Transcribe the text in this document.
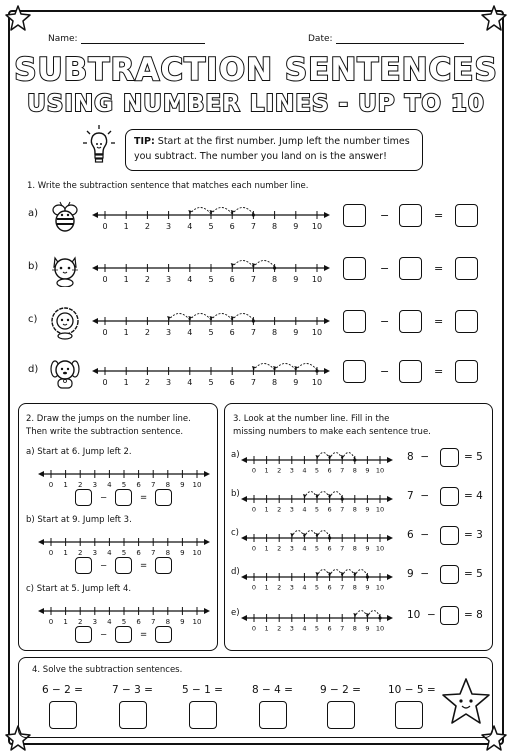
Name:	Date:
SUBTRACTION SENTENCES
USING NUMBER LINES - UP TO 10
TIP: Start at the first number. Jump left the number times you subtract. The number you land on is the answer!
1. Write the subtraction sentence that matches each number line.
a)
0 1 2 3 4 5 6 7 8 9 10
−	=
b)
0 1 2 3 4 5 6 7 8 9 10
−	=
c)
0 1 2 3 4 5 6 7 8 9 10
−	=
d)
0 1 2 3 4 5 6 7 8 9 10
−	=
2. Draw the jumps on the number line.
Then write the subtraction sentence.
3. Look at the number line. Fill in the
missing numbers to make each sentence true.
a) Start at 6. Jump left 2.
0 1 2 3 4 5 6 7 8 9 10
−	=
b) Start at 9. Jump left 3.
0 1 2 3 4 5 6 7 8 9 10
−	=
c) Start at 5. Jump left 4.
0 1 2 3 4 5 6 7 8 9 10
−	=
a)
0 1 2 3 4 5 6 7 8 9 10
8  −	= 5
b)
0 1 2 3 4 5 6 7 8 9 10
7  −	= 4
c)
0 1 2 3 4 5 6 7 8 9 10
6  −	= 3
d)
0 1 2 3 4 5 6 7 8 9 10
9  −	= 5
e)
0 1 2 3 4 5 6 7 8 9 10
10  −	= 8
4. Solve the subtraction sentences.
6 − 2 =	7 − 3 =	5 − 1 =	8 − 4 =	9 − 2 =	10 − 5 =
